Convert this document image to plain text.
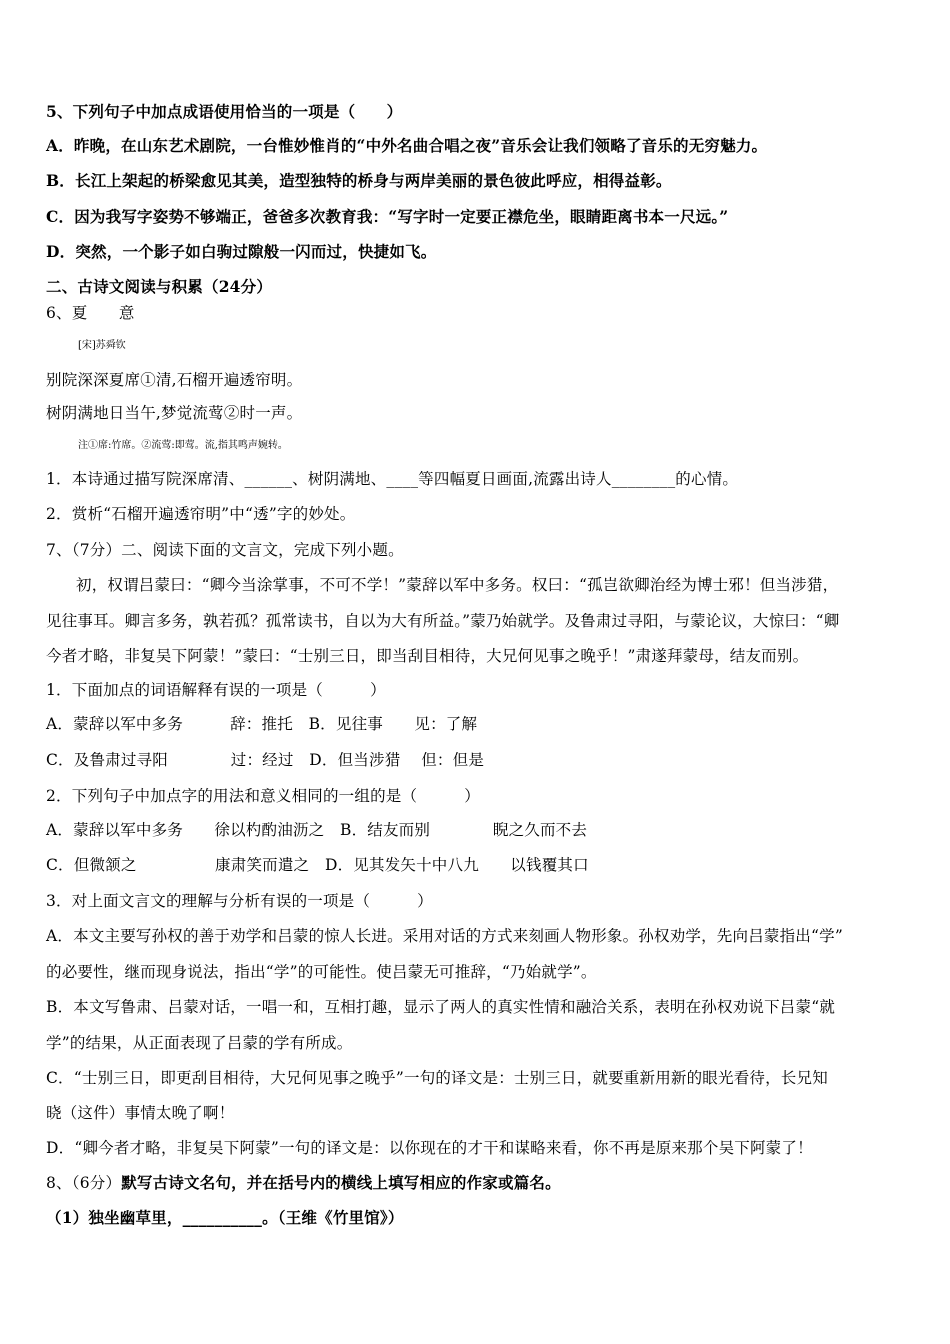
5、下列句子中加点成语使用恰当的一项是（　　）
A．昨晚，在山东艺术剧院，一台惟妙惟肖的“中外名曲合唱之夜”音乐会让我们领略了音乐的无穷魅力。
B．长江上架起的桥梁愈见其美，造型独特的桥身与两岸美丽的景色彼此呼应，相得益彰。
C．因为我写字姿势不够端正，爸爸多次教育我：“写字时一定要正襟危坐，眼睛距离书本一尺远。”
D．突然，一个影子如白驹过隙般一闪而过，快捷如飞。
二、古诗文阅读与积累（24分）
6、夏　　意
[宋]苏舜钦
别院深深夏席①清,石榴开遍透帘明。
树阴满地日当午,梦觉流莺②时一声。
注①席:竹席。②流莺:即莺。流,指其鸣声婉转。
1．本诗通过描写院深席清、______、树阴满地、____等四幅夏日画面,流露出诗人________的心情。
2．赏析“石榴开遍透帘明”中“透”字的妙处。
7、（7分）二、阅读下面的文言文，完成下列小题。
初，权谓吕蒙曰：“卿今当涂掌事，不可不学！”蒙辞以军中多务。权曰：“孤岂欲卿治经为博士邪！但当涉猎，
见往事耳。卿言多务，孰若孤？孤常读书，自以为大有所益。”蒙乃始就学。及鲁肃过寻阳，与蒙论议，大惊曰：“卿
今者才略，非复吴下阿蒙！”蒙曰：“士别三日，即当刮目相待，大兄何见事之晚乎！”肃遂拜蒙母，结友而别。
1．下面加点的词语解释有误的一项是（　　　）
A．蒙辞以军中多务　　　辞：推托　B．见往事　　见：了解
C．及鲁肃过寻阳　　　　过：经过　D．但当涉猎　 但：但是
2．下列句子中加点字的用法和意义相同的一组的是（　　　）
A．蒙辞以军中多务　　徐以杓酌油沥之　B．结友而别　　　　睨之久而不去
C．但微颔之　　　　　康肃笑而遣之　D．见其发矢十中八九　　以钱覆其口
3．对上面文言文的理解与分析有误的一项是（　　　）
A．本文主要写孙权的善于劝学和吕蒙的惊人长进。采用对话的方式来刻画人物形象。孙权劝学，先向吕蒙指出“学”
的必要性，继而现身说法，指出“学”的可能性。使吕蒙无可推辞，“乃始就学”。
B．本文写鲁肃、吕蒙对话，一唱一和，互相打趣，显示了两人的真实性情和融洽关系，表明在孙权劝说下吕蒙“就
学”的结果，从正面表现了吕蒙的学有所成。
C．“士别三日，即更刮目相待，大兄何见事之晚乎”一句的译文是：士别三日，就要重新用新的眼光看待，长兄知
晓（这件）事情太晚了啊！
D．“卿今者才略，非复吴下阿蒙”一句的译文是：以你现在的才干和谋略来看，你不再是原来那个吴下阿蒙了！
8、（6分）默写古诗文名句，并在括号内的横线上填写相应的作家或篇名。
（1）独坐幽草里，__________。（王维《竹里馆》）
